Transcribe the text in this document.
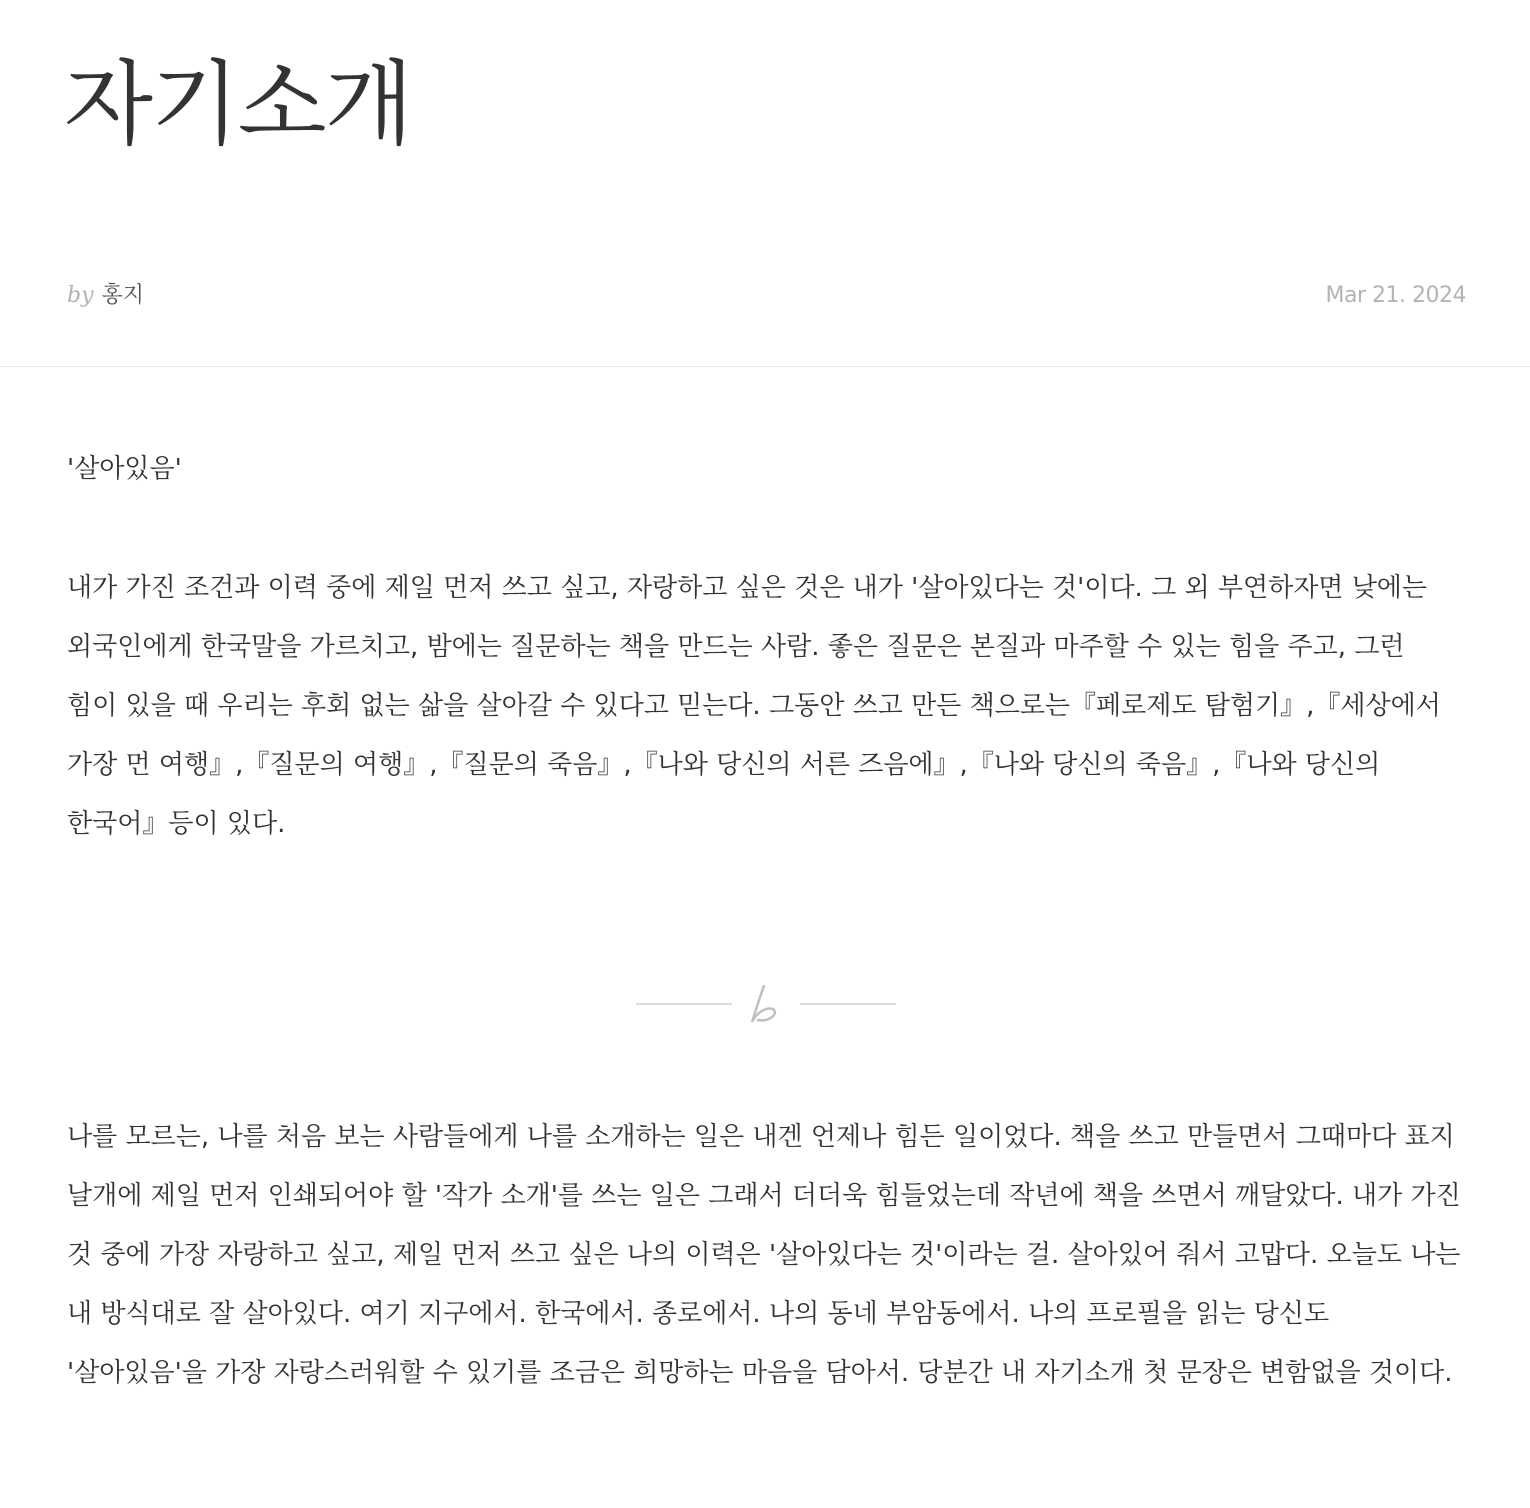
자기소개
by 홍지	Mar 21. 2024

'살아있음'

내가 가진 조건과 이력 중에 제일 먼저 쓰고 싶고, 자랑하고 싶은 것은 내가 '살아있다는 것'이다. 그 외 부연하자면 낮에는 외국인에게 한국말을 가르치고, 밤에는 질문하는 책을 만드는 사람. 좋은 질문은 본질과 마주할 수 있는 힘을 주고, 그런 힘이 있을 때 우리는 후회 없는 삶을 살아갈 수 있다고 믿는다. 그동안 쓰고 만든 책으로는『페로제도 탐험기』,『세상에서 가장 먼 여행』,『질문의 여행』,『질문의 죽음』,『나와 당신의 서른 즈음에』,『나와 당신의 죽음』,『나와 당신의 한국어』등이 있다.

나를 모르는, 나를 처음 보는 사람들에게 나를 소개하는 일은 내겐 언제나 힘든 일이었다. 책을 쓰고 만들면서 그때마다 표지 날개에 제일 먼저 인쇄되어야 할 '작가 소개'를 쓰는 일은 그래서 더더욱 힘들었는데 작년에 책을 쓰면서 깨달았다. 내가 가진 것 중에 가장 자랑하고 싶고, 제일 먼저 쓰고 싶은 나의 이력은 '살아있다는 것'이라는 걸. 살아있어 줘서 고맙다. 오늘도 나는 내 방식대로 잘 살아있다. 여기 지구에서. 한국에서. 종로에서. 나의 동네 부암동에서. 나의 프로필을 읽는 당신도 '살아있음'을 가장 자랑스러워할 수 있기를 조금은 희망하는 마음을 담아서. 당분간 내 자기소개 첫 문장은 변함없을 것이다.
